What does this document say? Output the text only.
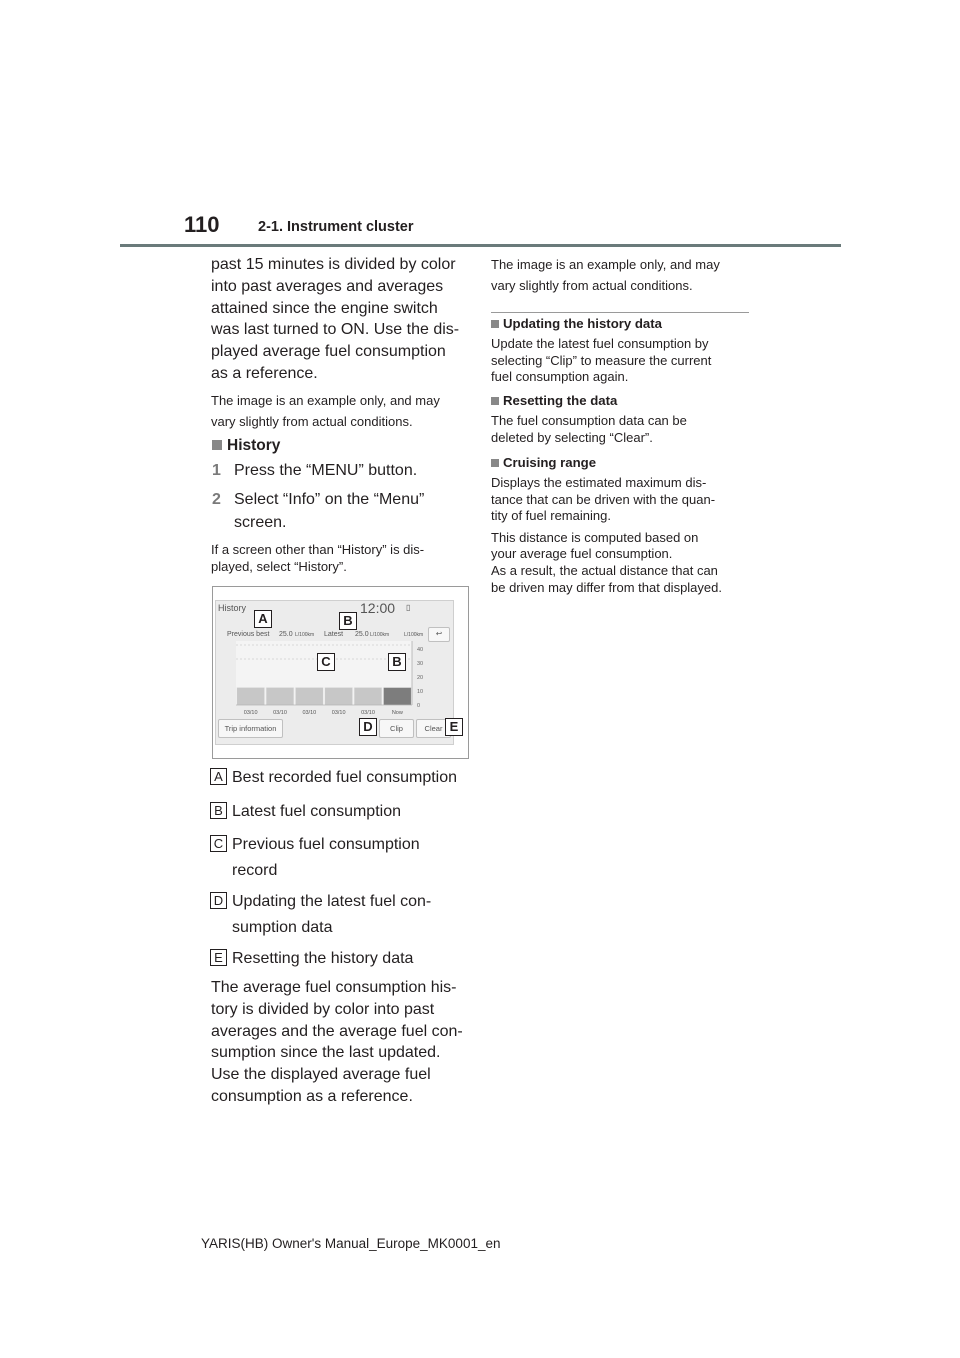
110	2-1. Instrument cluster
past 15 minutes is divided by color
into past averages and averages
attained since the engine switch
was last turned to ON. Use the dis-
played average fuel consumption
as a reference.
The image is an example only, and may
vary slightly from actual conditions.
History
1 Press the “MENU” button.
2 Select “Info” on the “Menu”
screen.
If a screen other than “History” is dis-
played, select “History”.
History	12:00 ▯
Previous best 25.0 L/100km Latest 25.0 L/100km	L/100km	↩
40
30
20
10
0
03/10	03/10	03/10	03/10	03/10	Now
Trip information	Clip	Clear
A	B
C	B
D	E
A Best recorded fuel consumption
B Latest fuel consumption
C Previous fuel consumption
record
D Updating the latest fuel con-
sumption data
E Resetting the history data
The average fuel consumption his-
tory is divided by color into past
averages and the average fuel con-
sumption since the last updated.
Use the displayed average fuel
consumption as a reference.
The image is an example only, and may
vary slightly from actual conditions.
Updating the history data
Update the latest fuel consumption by
selecting “Clip” to measure the current
fuel consumption again.
Resetting the data
The fuel consumption data can be
deleted by selecting “Clear”.
Cruising range
Displays the estimated maximum dis-
tance that can be driven with the quan-
tity of fuel remaining.
This distance is computed based on
your average fuel consumption.
As a result, the actual distance that can
be driven may differ from that displayed.
YARIS(HB) Owner's Manual_Europe_MK0001_en
